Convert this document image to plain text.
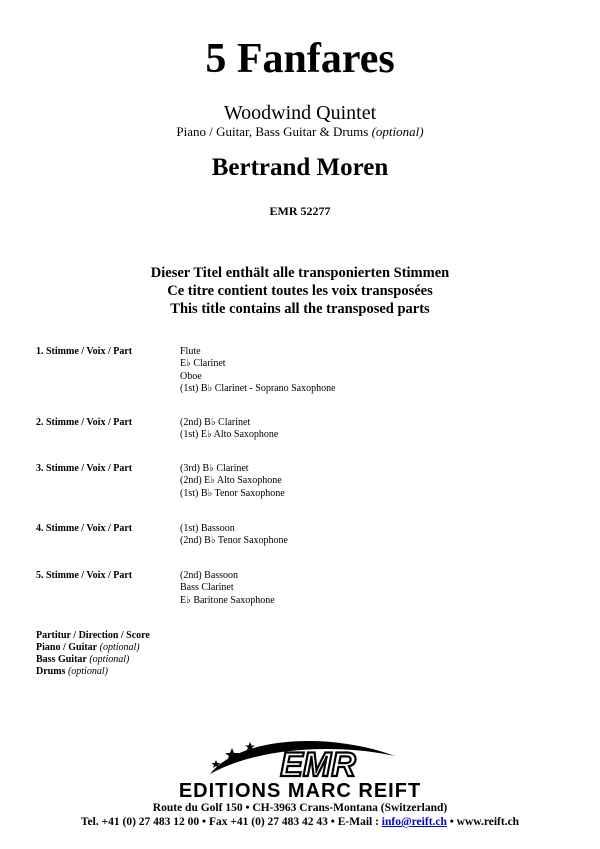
5 Fanfares
Woodwind Quintet
Piano / Guitar, Bass Guitar & Drums (optional)
Bertrand Moren
EMR 52277
Dieser Titel enthält alle transponierten Stimmen
Ce titre contient toutes les voix transposées
This title contains all the transposed parts
1. Stimme / Voix / Part	Flute
E♭ Clarinet
Oboe
(1st) B♭ Clarinet - Soprano Saxophone
2. Stimme / Voix / Part	(2nd) B♭ Clarinet
(1st) E♭ Alto Saxophone
3. Stimme / Voix / Part	(3rd) B♭ Clarinet
(2nd) E♭ Alto Saxophone
(1st) B♭ Tenor Saxophone
4. Stimme / Voix / Part	(1st) Bassoon
(2nd) B♭ Tenor Saxophone
5. Stimme / Voix / Part	(2nd) Bassoon
Bass Clarinet
E♭ Baritone Saxophone
Partitur / Direction / Score
Piano / Guitar (optional)
Bass Guitar (optional)
Drums (optional)
EMR
EDITIONS MARC REIFT
Route du Golf 150 • CH-3963 Crans-Montana (Switzerland)
Tel. +41 (0) 27 483 12 00 • Fax +41 (0) 27 483 42 43 • E-Mail : info@reift.ch • www.reift.ch
